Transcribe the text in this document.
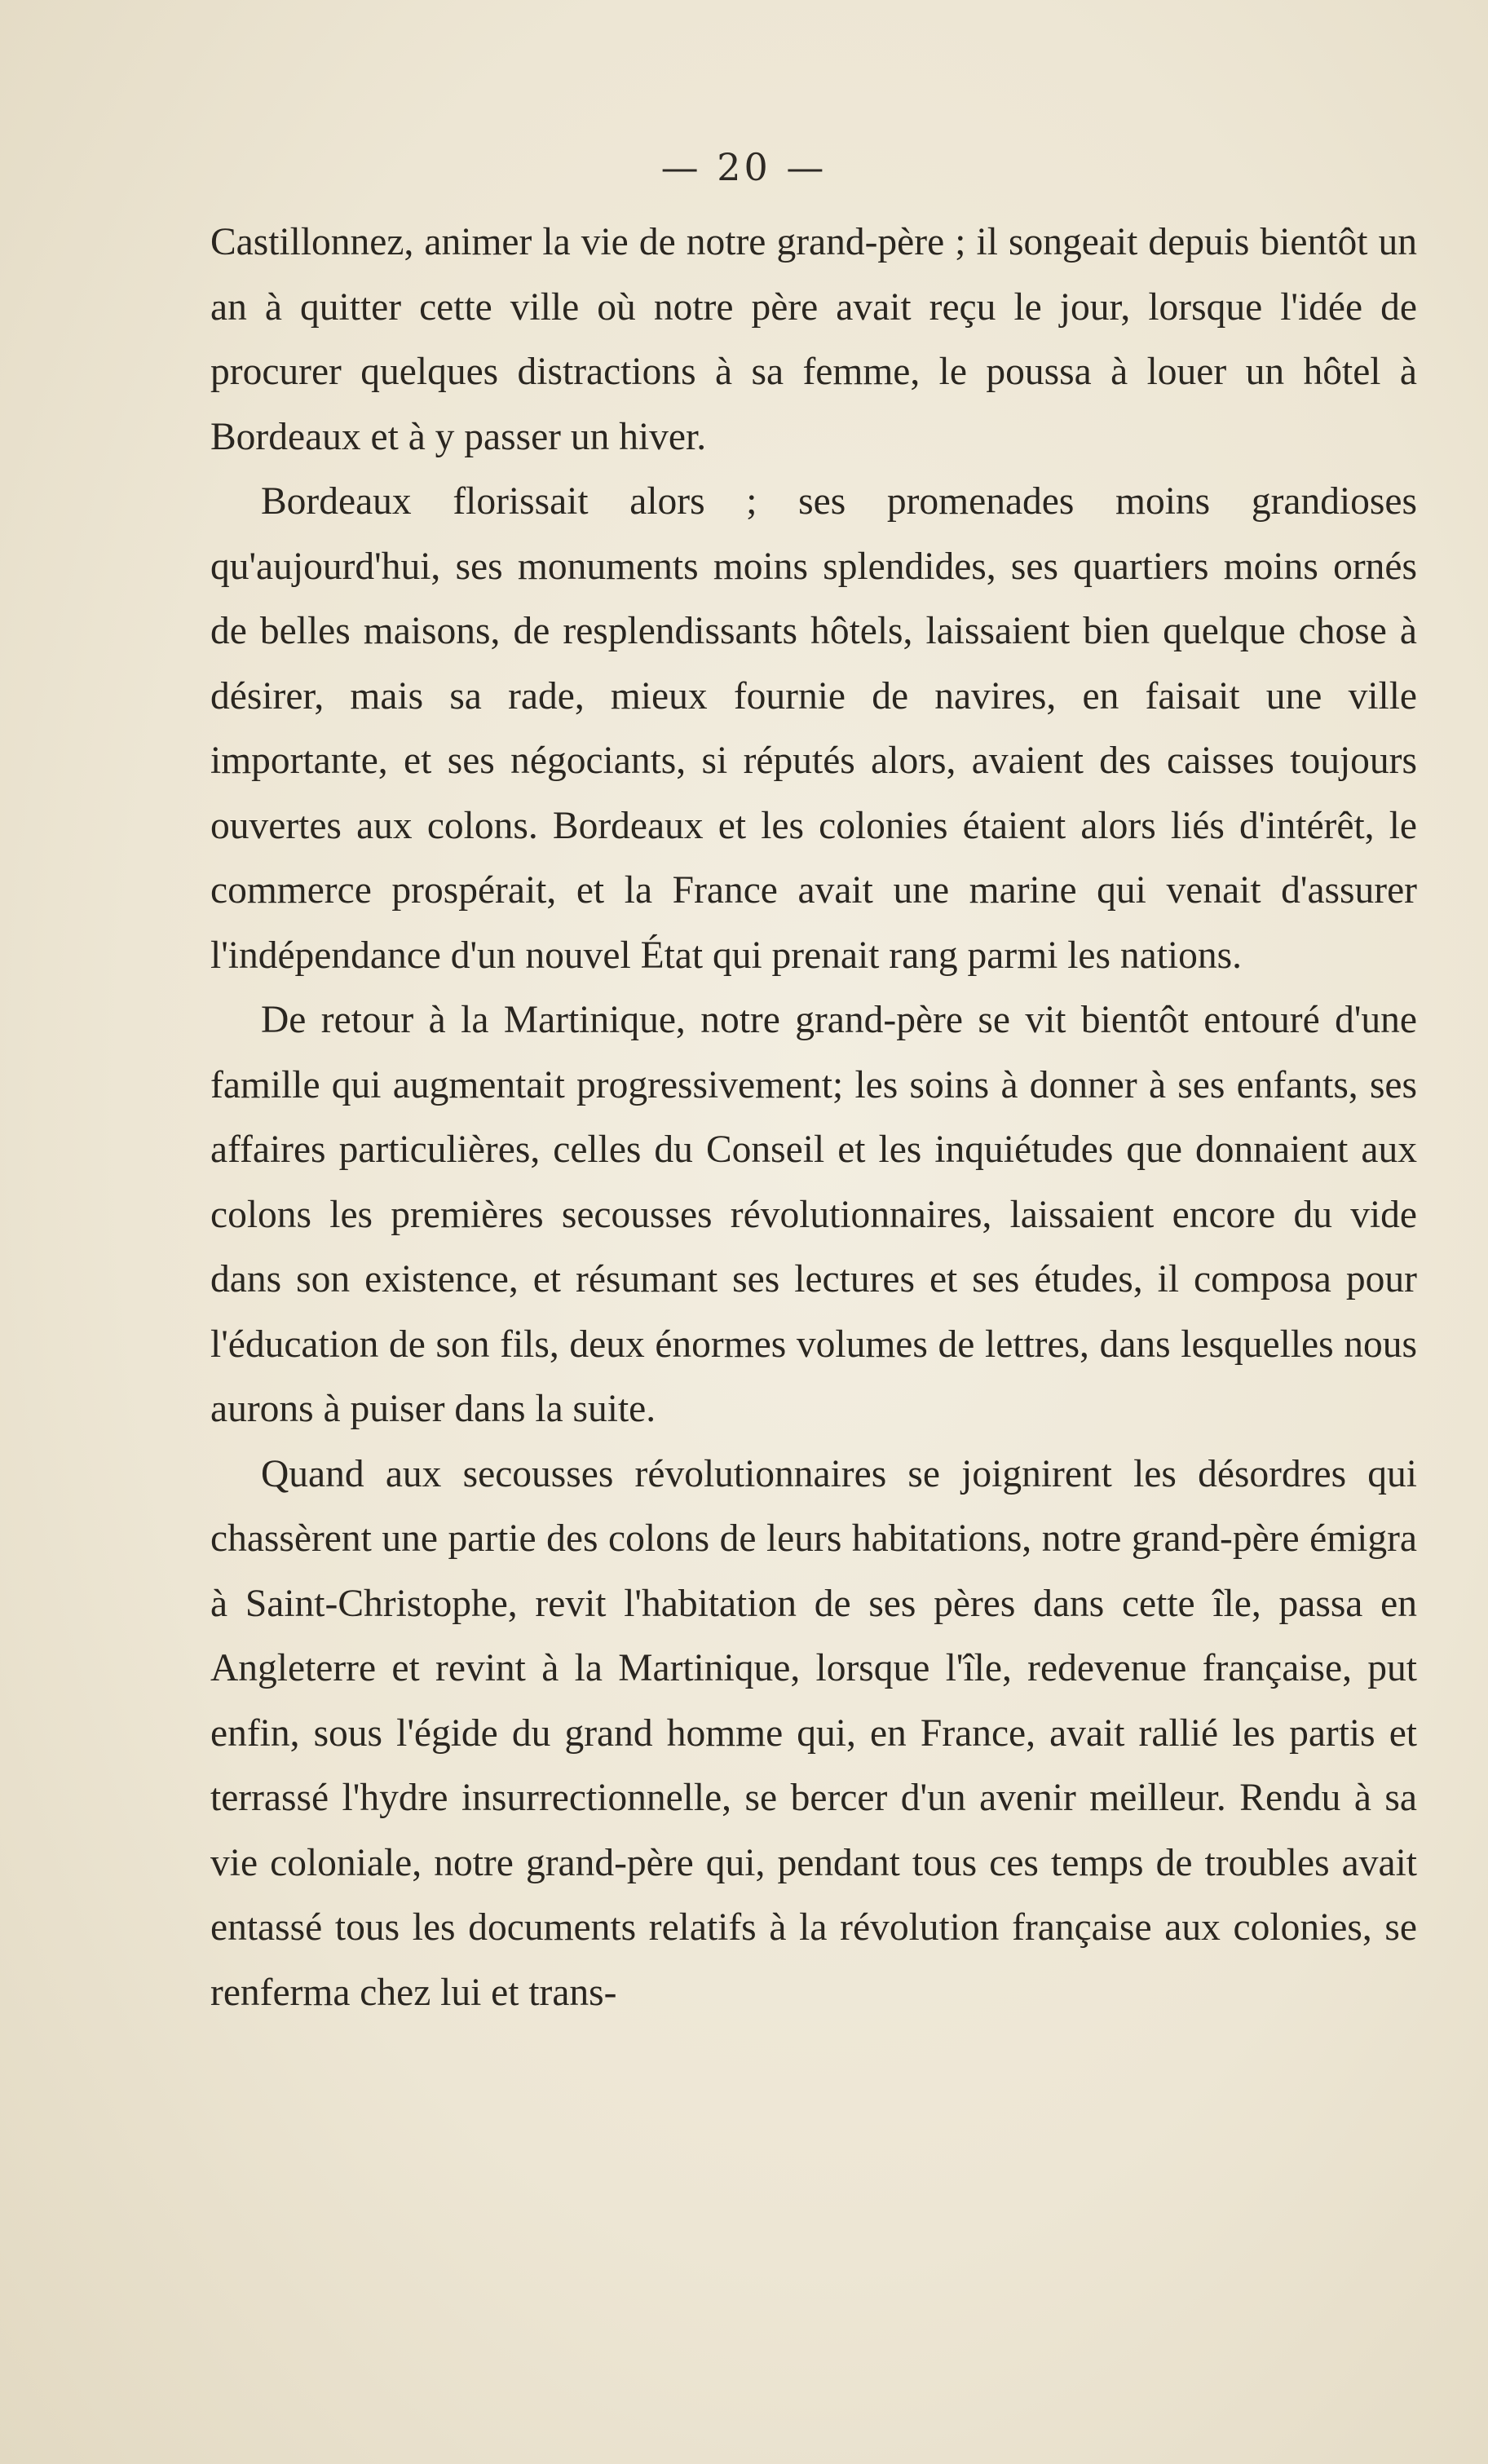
— 20 —

Castillonnez, animer la vie de notre grand-père ; il songeait depuis bientôt un an à quitter cette ville où notre père avait reçu le jour, lorsque l'idée de procurer quelques distractions à sa femme, le poussa à louer un hôtel à Bordeaux et à y passer un hiver.

Bordeaux florissait alors ; ses promenades moins grandioses qu'aujourd'hui, ses monuments moins splendides, ses quartiers moins ornés de belles maisons, de resplendissants hôtels, laissaient bien quelque chose à désirer, mais sa rade, mieux fournie de navires, en faisait une ville importante, et ses négociants, si réputés alors, avaient des caisses toujours ouvertes aux colons. Bordeaux et les colonies étaient alors liés d'intérêt, le commerce prospérait, et la France avait une marine qui venait d'assurer l'indépendance d'un nouvel État qui prenait rang parmi les nations.

De retour à la Martinique, notre grand-père se vit bientôt entouré d'une famille qui augmentait progressivement; les soins à donner à ses enfants, ses affaires particulières, celles du Conseil et les inquiétudes que donnaient aux colons les premières secousses révolutionnaires, laissaient encore du vide dans son existence, et résumant ses lectures et ses études, il composa pour l'éducation de son fils, deux énormes volumes de lettres, dans lesquelles nous aurons à puiser dans la suite.

Quand aux secousses révolutionnaires se joignirent les désordres qui chassèrent une partie des colons de leurs habitations, notre grand-père émigra à Saint-Christophe, revit l'habitation de ses pères dans cette île, passa en Angleterre et revint à la Martinique, lorsque l'île, redevenue française, put enfin, sous l'égide du grand homme qui, en France, avait rallié les partis et terrassé l'hydre insurrectionnelle, se bercer d'un avenir meilleur. Rendu à sa vie coloniale, notre grand-père qui, pendant tous ces temps de troubles avait entassé tous les documents relatifs à la révolution française aux colonies, se renferma chez lui et trans-
